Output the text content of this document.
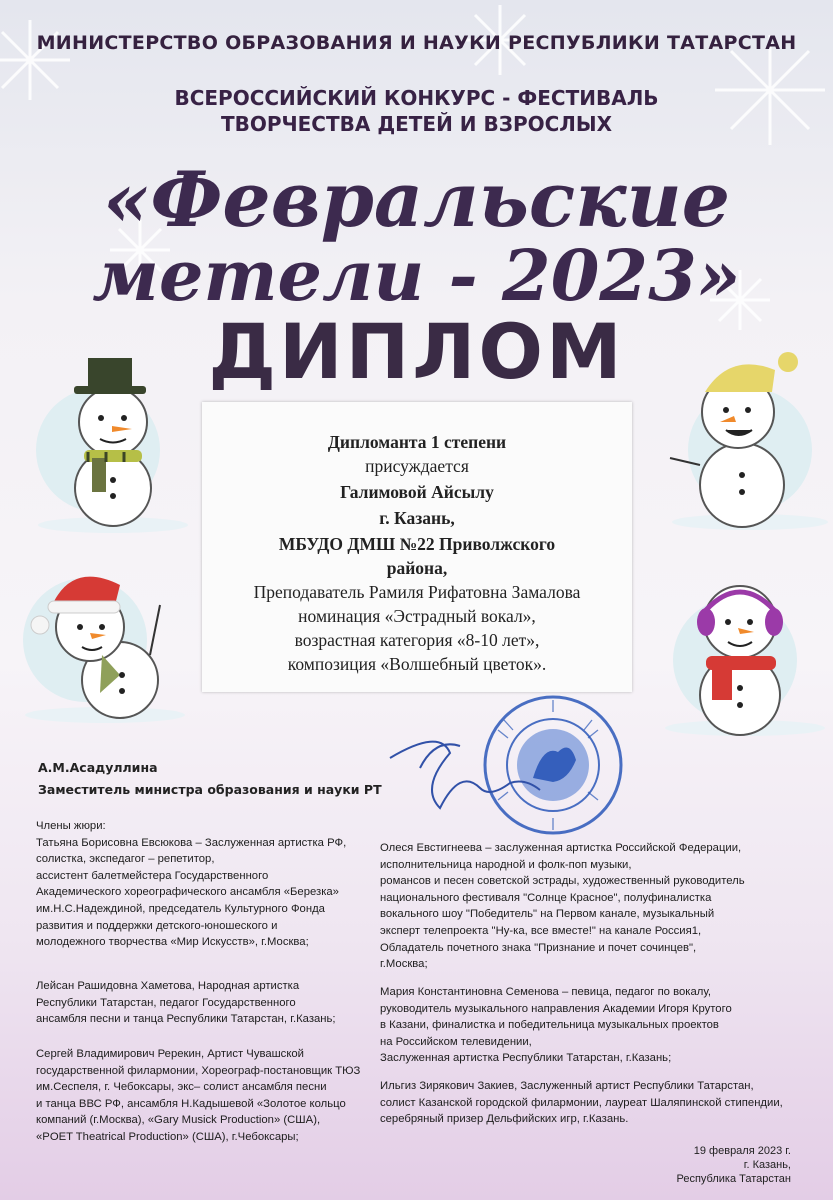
МИНИСТЕРСТВО ОБРАЗОВАНИЯ И НАУКИ РЕСПУБЛИКИ ТАТАРСТАН
ВСЕРОССИЙСКИЙ КОНКУРС - ФЕСТИВАЛЬ
ТВОРЧЕСТВА ДЕТЕЙ И ВЗРОСЛЫХ
«Февральские
метели - 2023»
ДИПЛОМ
Дипломанта 1 степени
присуждается
Галимовой Айсылу
г. Казань,
МБУДО ДМШ №22 Приволжского
района,
Преподаватель Рамиля Рифатовна Замалова
номинация «Эстрадный вокал»,
возрастная категория «8-10 лет»,
композиция «Волшебный цветок».
А.М.Асадуллина
Заместитель министра образования и науки РТ
Члены жюри:
Татьяна Борисовна Евсюкова – Заслуженная артистка РФ,
солистка, экспедагог – репетитор,
ассистент балетмейстера Государственного
Академического хореографического ансамбля «Березка»
им.Н.С.Надеждиной, председатель Культурного Фонда
развития и поддержки детского-юношеского и
молодежного творчества «Мир Искусств», г.Москва;
Лейсан Рашидовна Хаметова, Народная артистка
Республики Татарстан, педагог Государственного
ансамбля песни и танца Республики Татарстан, г.Казань;
Сергей Владимирович Ререкин, Артист Чувашской
государственной филармонии, Хореограф-постановщик ТЮЗ
им.Сеспеля, г. Чебоксары, экс– солист ансамбля песни
и танца ВВС РФ, ансамбля Н.Кадышевой «Золотое кольцо
компаний (г.Москва), «Gary Musick Production» (США),
«POET Theatrical Production» (США), г.Чебоксары;
Олеся Евстигнеева – заслуженная артистка Российской Федерации,
исполнительница народной и фолк-поп музыки,
романсов и песен советской эстрады, художественный руководитель
национального фестиваля "Солнце Красное", полуфиналистка
вокального шоу "Победитель" на Первом канале, музыкальный
эксперт телепроекта "Ну-ка, все вместе!" на канале Россия1,
Обладатель почетного знака "Признание и почет сочинцев",
г.Москва;
Мария Константиновна Семенова – певица, педагог по вокалу,
руководитель музыкального направления Академии Игоря Крутого
в Казани, финалистка и победительница музыкальных проектов
на Российском телевидении,
Заслуженная артистка Республики Татарстан, г.Казань;
Ильгиз Зирякович Закиев, Заслуженный артист Республики Татарстан,
солист Казанской городской филармонии, лауреат Шаляпинской стипендии,
серебряный призер Дельфийских игр, г.Казань.
19 февраля 2023 г.
г. Казань,
Республика Татарстан
